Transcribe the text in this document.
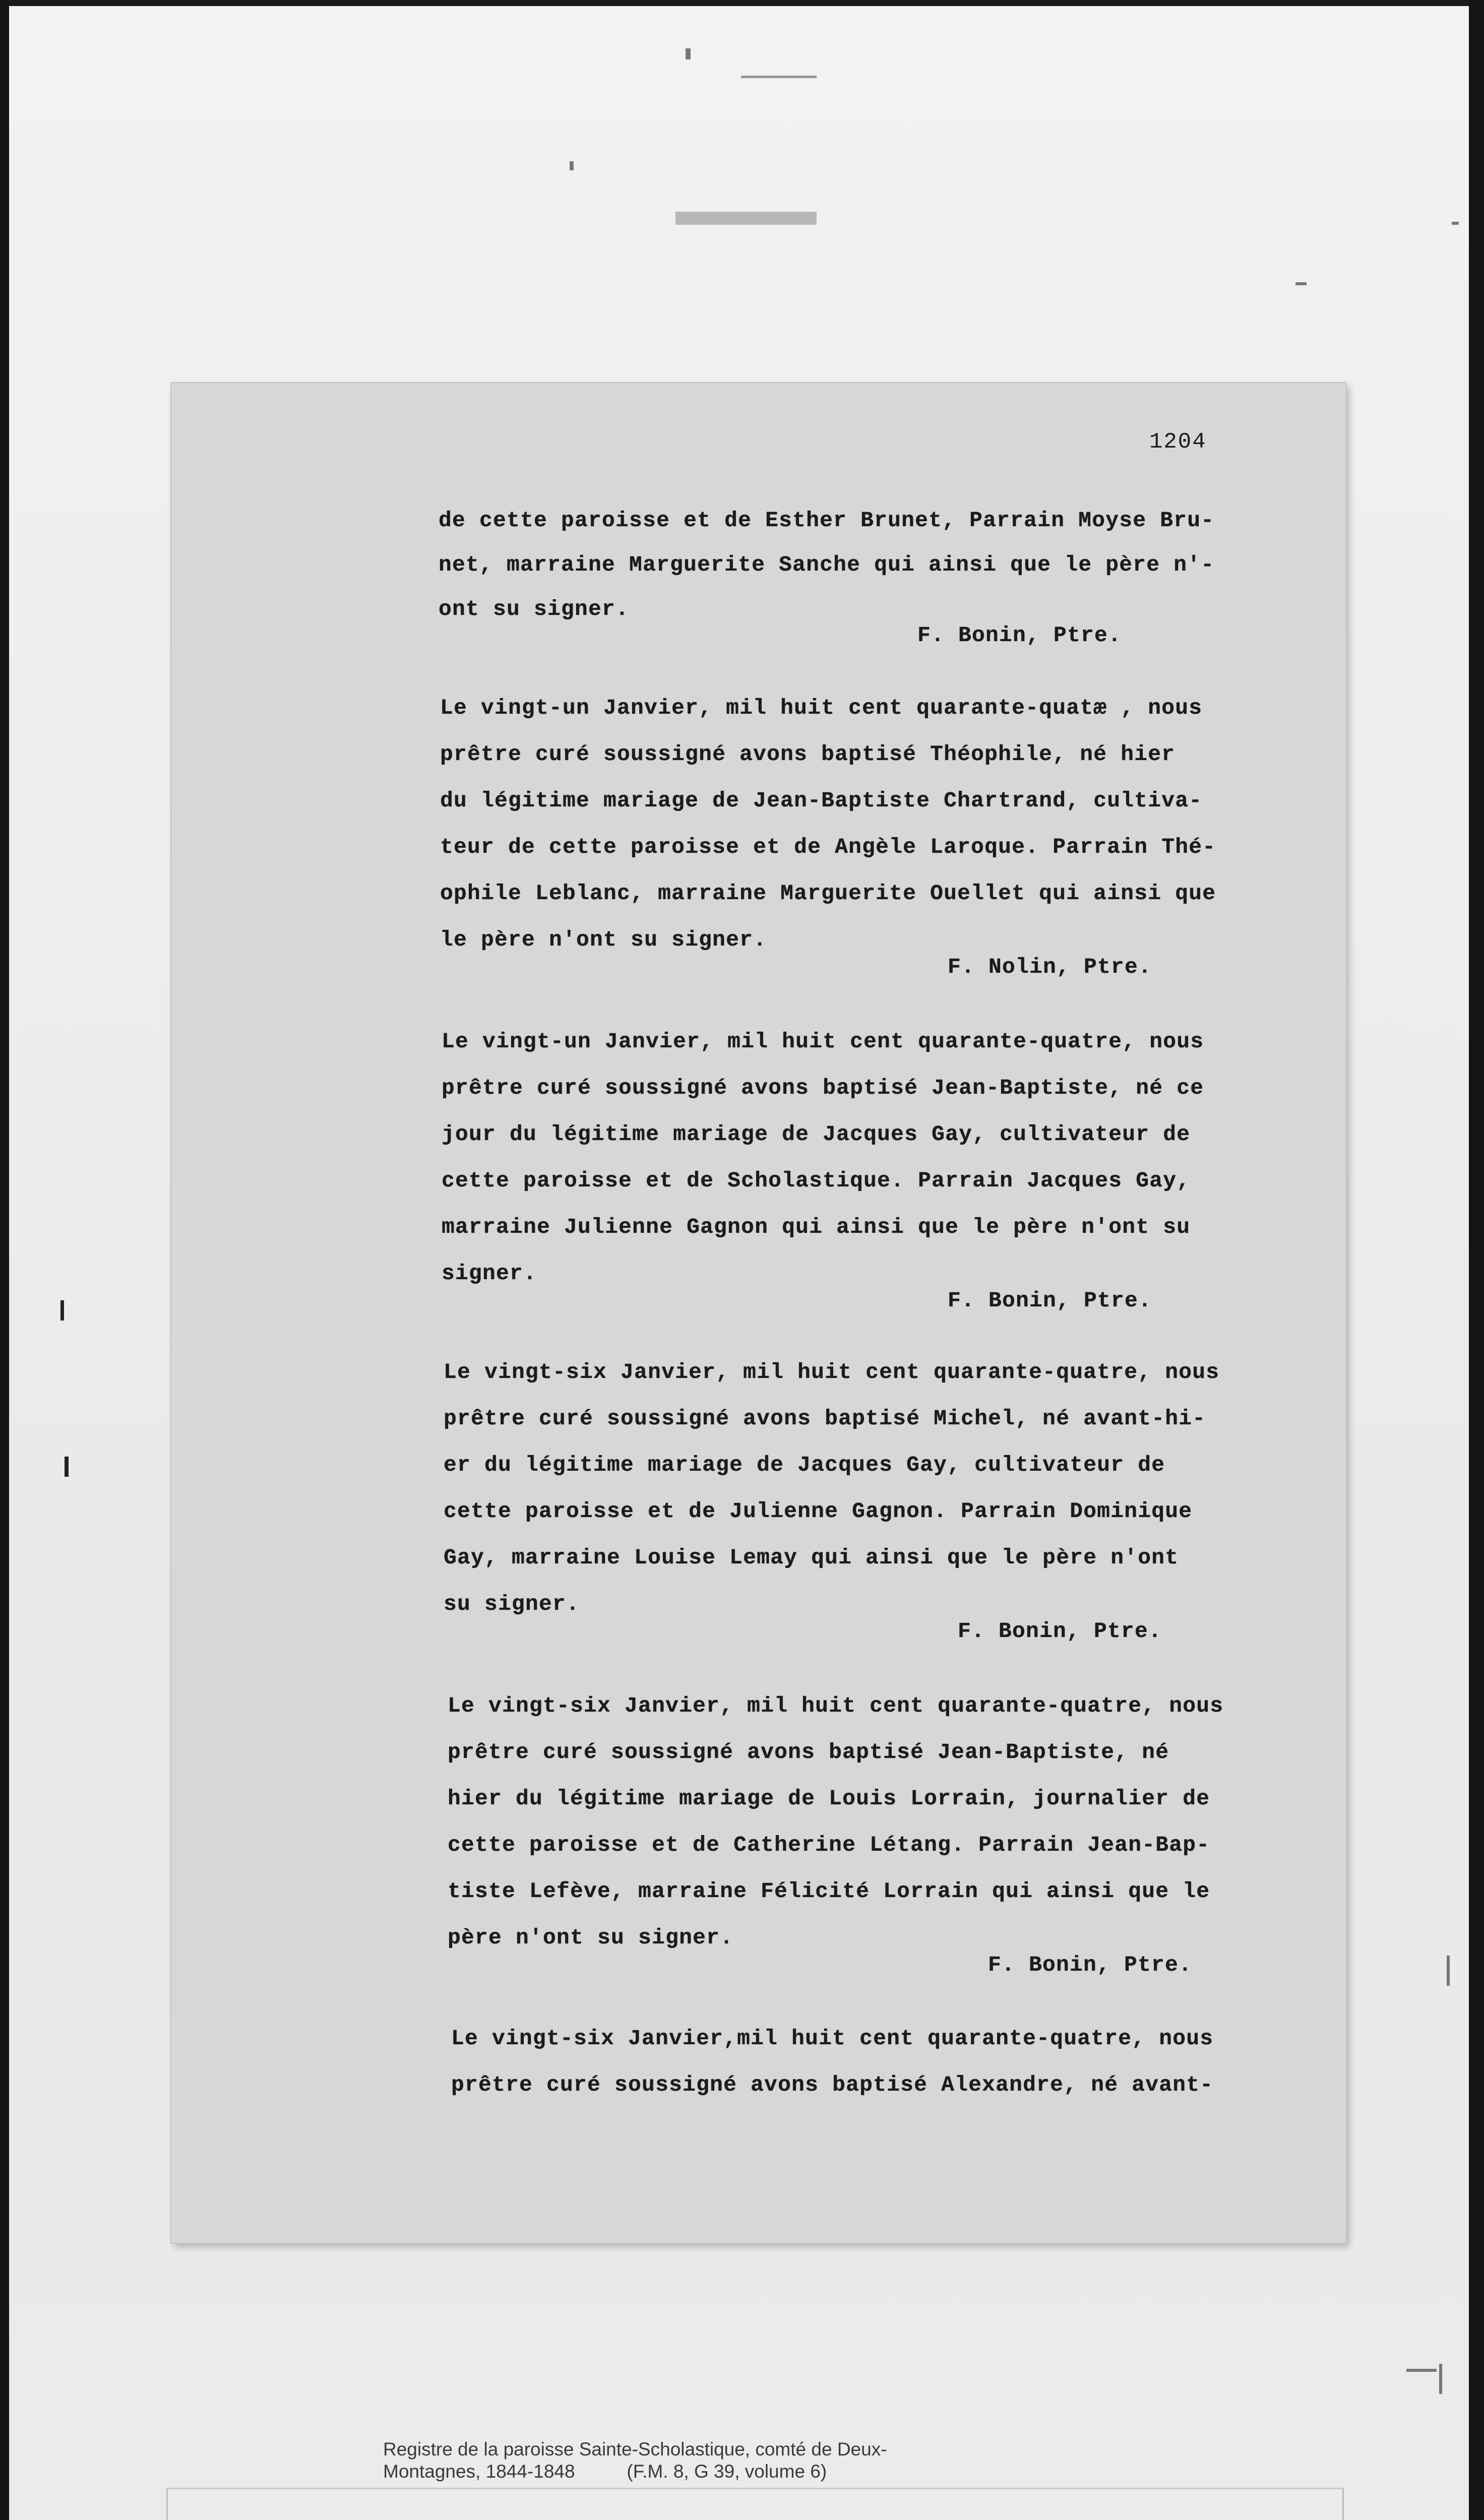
1204
de cette paroisse et de Esther Brunet, Parrain Moyse Bru-
net, marraine Marguerite Sanche qui ainsi que le père n'-
ont su signer.
F. Bonin, Ptre.
Le vingt-un Janvier, mil huit cent quarante-quatæ , nous
prêtre curé soussigné avons baptisé Théophile, né hier
du légitime mariage de Jean-Baptiste Chartrand, cultiva-
teur de cette paroisse et de Angèle Laroque. Parrain Thé-
ophile Leblanc, marraine Marguerite Ouellet qui ainsi que
le père n'ont su signer.
F. Nolin, Ptre.
Le vingt-un Janvier, mil huit cent quarante-quatre, nous
prêtre curé soussigné avons baptisé Jean-Baptiste, né ce
jour du légitime mariage de Jacques Gay, cultivateur de
cette paroisse et de Scholastique. Parrain Jacques Gay,
marraine Julienne Gagnon qui ainsi que le père n'ont su
signer.
F. Bonin, Ptre.
Le vingt-six Janvier, mil huit cent quarante-quatre, nous
prêtre curé soussigné avons baptisé Michel, né avant-hi-
er du légitime mariage de Jacques Gay, cultivateur de
cette paroisse et de Julienne Gagnon. Parrain Dominique
Gay, marraine Louise Lemay qui ainsi que le père n'ont
su signer.
F. Bonin, Ptre.
Le vingt-six Janvier, mil huit cent quarante-quatre, nous
prêtre curé soussigné avons baptisé Jean-Baptiste, né
hier du légitime mariage de Louis Lorrain, journalier de
cette paroisse et de Catherine Létang. Parrain Jean-Bap-
tiste Lefève, marraine Félicité Lorrain qui ainsi que le
père n'ont su signer.
F. Bonin, Ptre.
Le vingt-six Janvier,mil huit cent quarante-quatre, nous
prêtre curé soussigné avons baptisé Alexandre, né avant-
Registre de la paroisse Sainte-Scholastique, comté de Deux-
Montagnes, 1844-1848          (F.M. 8, G 39, volume 6)
